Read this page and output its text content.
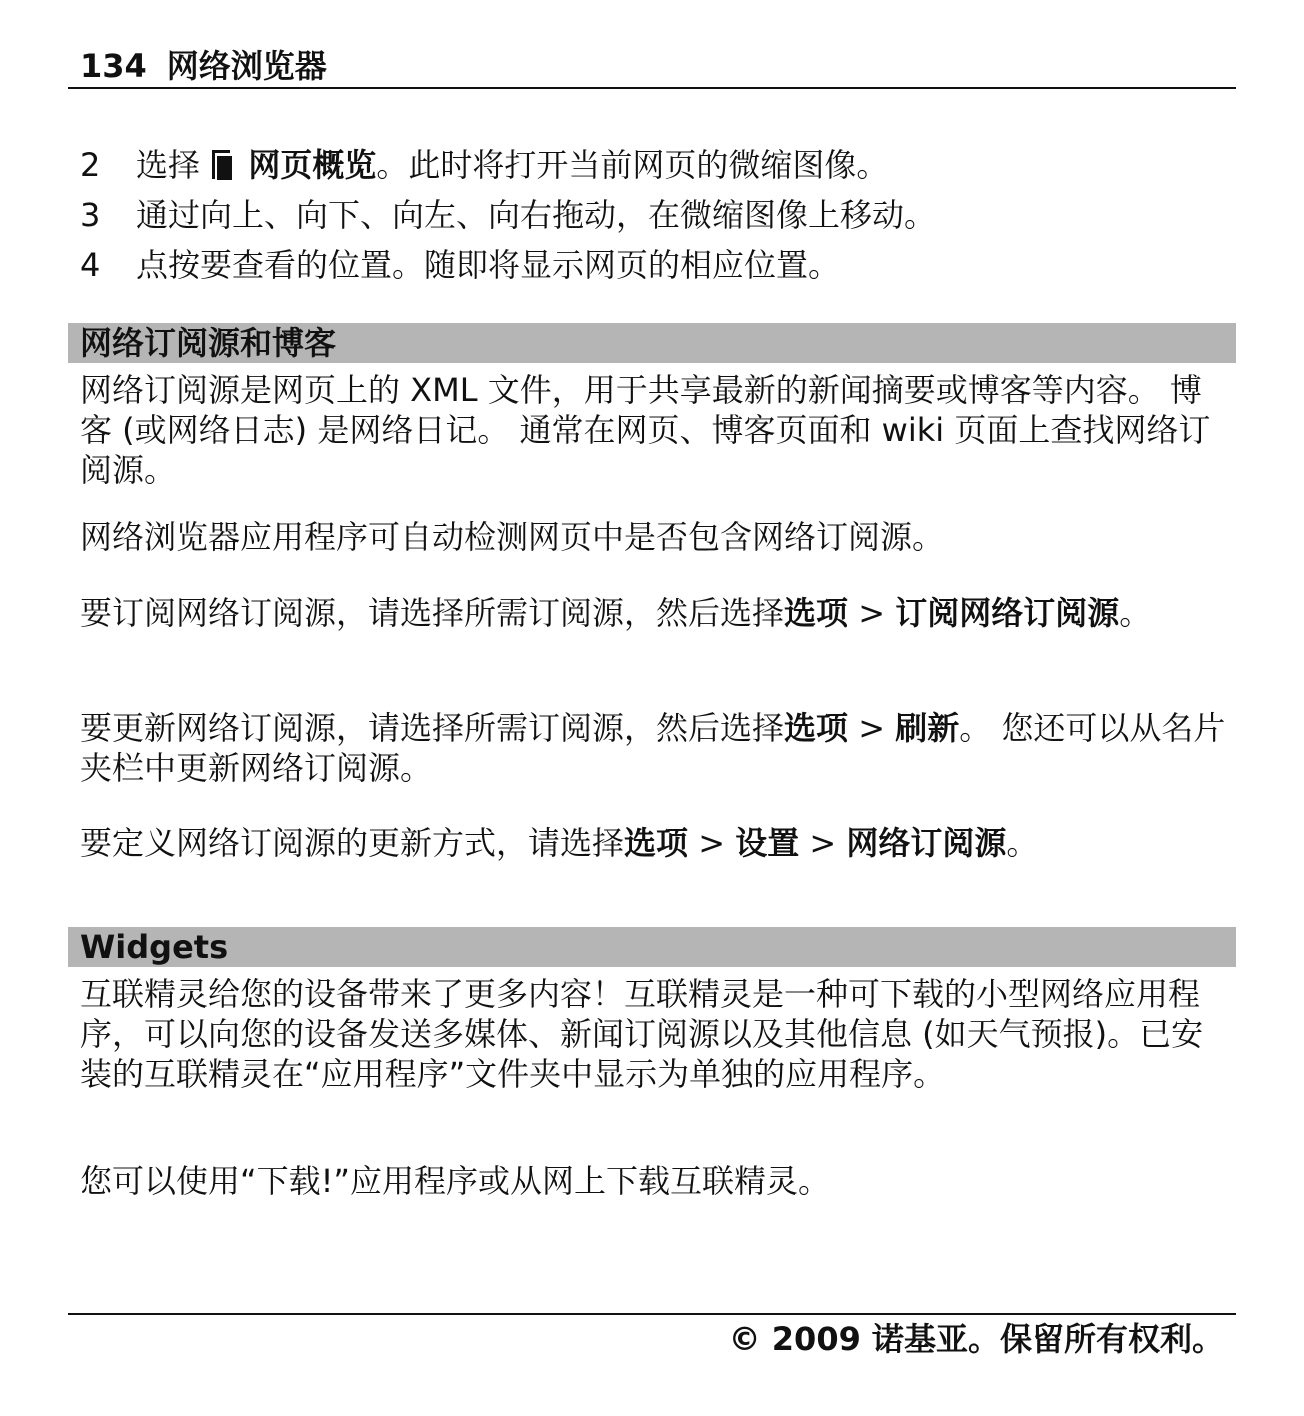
134 网络浏览器
2	选择 网页概览。此时将打开当前网页的微缩图像。
3	通过向上、向下、向左、向右拖动，在微缩图像上移动。
4	点按要查看的位置。随即将显示网页的相应位置。
网络订阅源和博客
网络订阅源是网页上的 XML 文件，用于共享最新的新闻摘要或博客等内容。 博客 (或网络日志) 是网络日记。 通常在网页、博客页面和 wiki 页面上查找网络订阅源。
网络浏览器应用程序可自动检测网页中是否包含网络订阅源。
要订阅网络订阅源，请选择所需订阅源，然后选择选项 > 订阅网络订阅源。
要更新网络订阅源，请选择所需订阅源，然后选择选项 > 刷新。 您还可以从名片夹栏中更新网络订阅源。
要定义网络订阅源的更新方式，请选择选项 > 设置 > 网络订阅源。
Widgets
互联精灵给您的设备带来了更多内容！互联精灵是一种可下载的小型网络应用程序，可以向您的设备发送多媒体、新闻订阅源以及其他信息 (如天气预报)。已安装的互联精灵在“应用程序”文件夹中显示为单独的应用程序。
您可以使用“下载!”应用程序或从网上下载互联精灵。
© 2009 诺基亚。保留所有权利。
